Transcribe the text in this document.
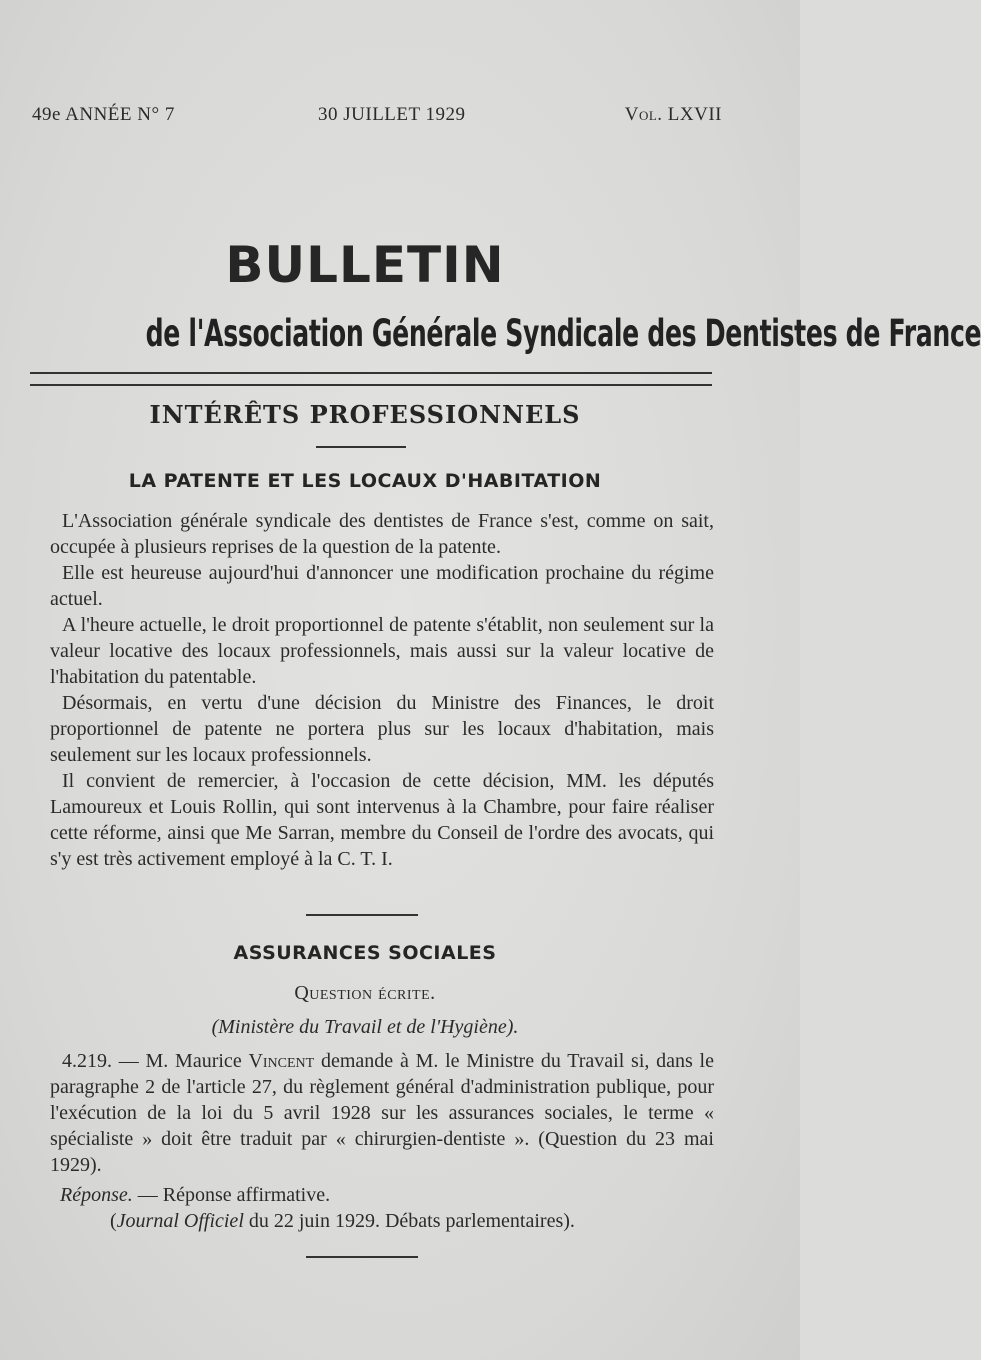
49e ANNÉE N° 7	30 JUILLET 1929	Vol. LXVII
BULLETIN
de l'Association Générale Syndicale des Dentistes de France
INTÉRÊTS PROFESSIONNELS
LA PATENTE ET LES LOCAUX D'HABITATION

L'Association générale syndicale des dentistes de France s'est, comme on sait, occupée à plusieurs reprises de la question de la patente.

Elle est heureuse aujourd'hui d'annoncer une modification prochaine du régime actuel.

A l'heure actuelle, le droit proportionnel de patente s'établit, non seulement sur la valeur locative des locaux professionnels, mais aussi sur la valeur locative de l'habitation du patentable.

Désormais, en vertu d'une décision du Ministre des Finances, le droit proportionnel de patente ne portera plus sur les locaux d'habitation, mais seulement sur les locaux professionnels.

Il convient de remercier, à l'occasion de cette décision, MM. les députés Lamoureux et Louis Rollin, qui sont intervenus à la Chambre, pour faire réaliser cette réforme, ainsi que Me Sarran, membre du Conseil de l'ordre des avocats, qui s'y est très activement employé à la C. T. I.

ASSURANCES SOCIALES
Question écrite.
(Ministère du Travail et de l'Hygiène).

4.219. — M. Maurice Vincent demande à M. le Ministre du Travail si, dans le paragraphe 2 de l'article 27, du règlement général d'administration publique, pour l'exécution de la loi du 5 avril 1928 sur les assurances sociales, le terme « spécialiste » doit être traduit par « chirurgien-dentiste ». (Question du 23 mai 1929).

Réponse. — Réponse affirmative.
(Journal Officiel du 22 juin 1929. Débats parlementaires).
